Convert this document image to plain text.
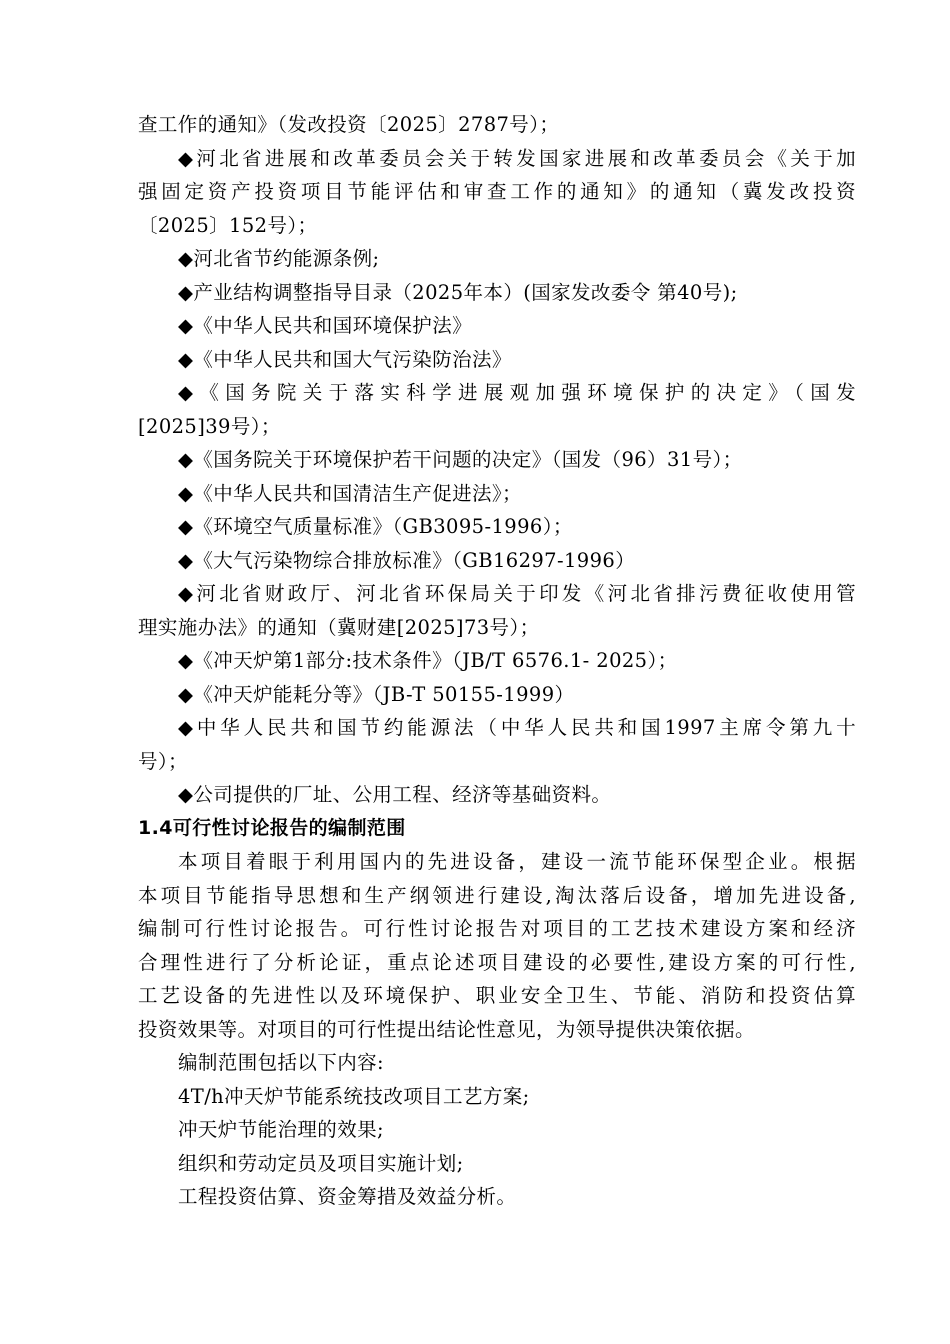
查工作的通知》（发改投资〔2025〕2787号）；
◆河北省进展和改革委员会关于转发国家进展和改革委员会《关于加
强固定资产投资项目节能评估和审查工作的通知》的通知（冀发改投资
〔2025〕152号）；
◆河北省节约能源条例;
◆产业结构调整指导目录（2025年本）(国家发改委令 第40号);
◆《中华人民共和国环境保护法》
◆《中华人民共和国大气污染防治法》
◆《国务院关于落实科学进展观加强环境保护的决定》（国发
[2025]39号）；
◆《国务院关于环境保护若干问题的决定》（国发（96）31号）；
◆《中华人民共和国清洁生产促进法》；
◆《环境空气质量标准》（GB3095-1996）；
◆《大气污染物综合排放标准》（GB16297-1996）
◆河北省财政厅、河北省环保局关于印发《河北省排污费征收使用管
理实施办法》的通知（冀财建[2025]73号）；
◆《冲天炉第1部分:技术条件》（JB/T 6576.1- 2025）；
◆《冲天炉能耗分等》（JB-T 50155-1999）
◆中华人民共和国节约能源法（中华人民共和国1997主席令第九十
号）；
◆公司提供的厂址、公用工程、经济等基础资料。
1.4可行性讨论报告的编制范围
本项目着眼于利用国内的先进设备，建设一流节能环保型企业。根据
本项目节能指导思想和生产纲领进行建设,淘汰落后设备，增加先进设备,
编制可行性讨论报告。可行性讨论报告对项目的工艺技术建设方案和经济
合理性进行了分析论证，重点论述项目建设的必要性,建设方案的可行性,
工艺设备的先进性以及环境保护、职业安全卫生、节能、消防和投资估算
投资效果等。对项目的可行性提出结论性意见，为领导提供决策依据。
编制范围包括以下内容:
4T/h冲天炉节能系统技改项目工艺方案;
冲天炉节能治理的效果;
组织和劳动定员及项目实施计划;
工程投资估算、资金筹措及效益分析。
